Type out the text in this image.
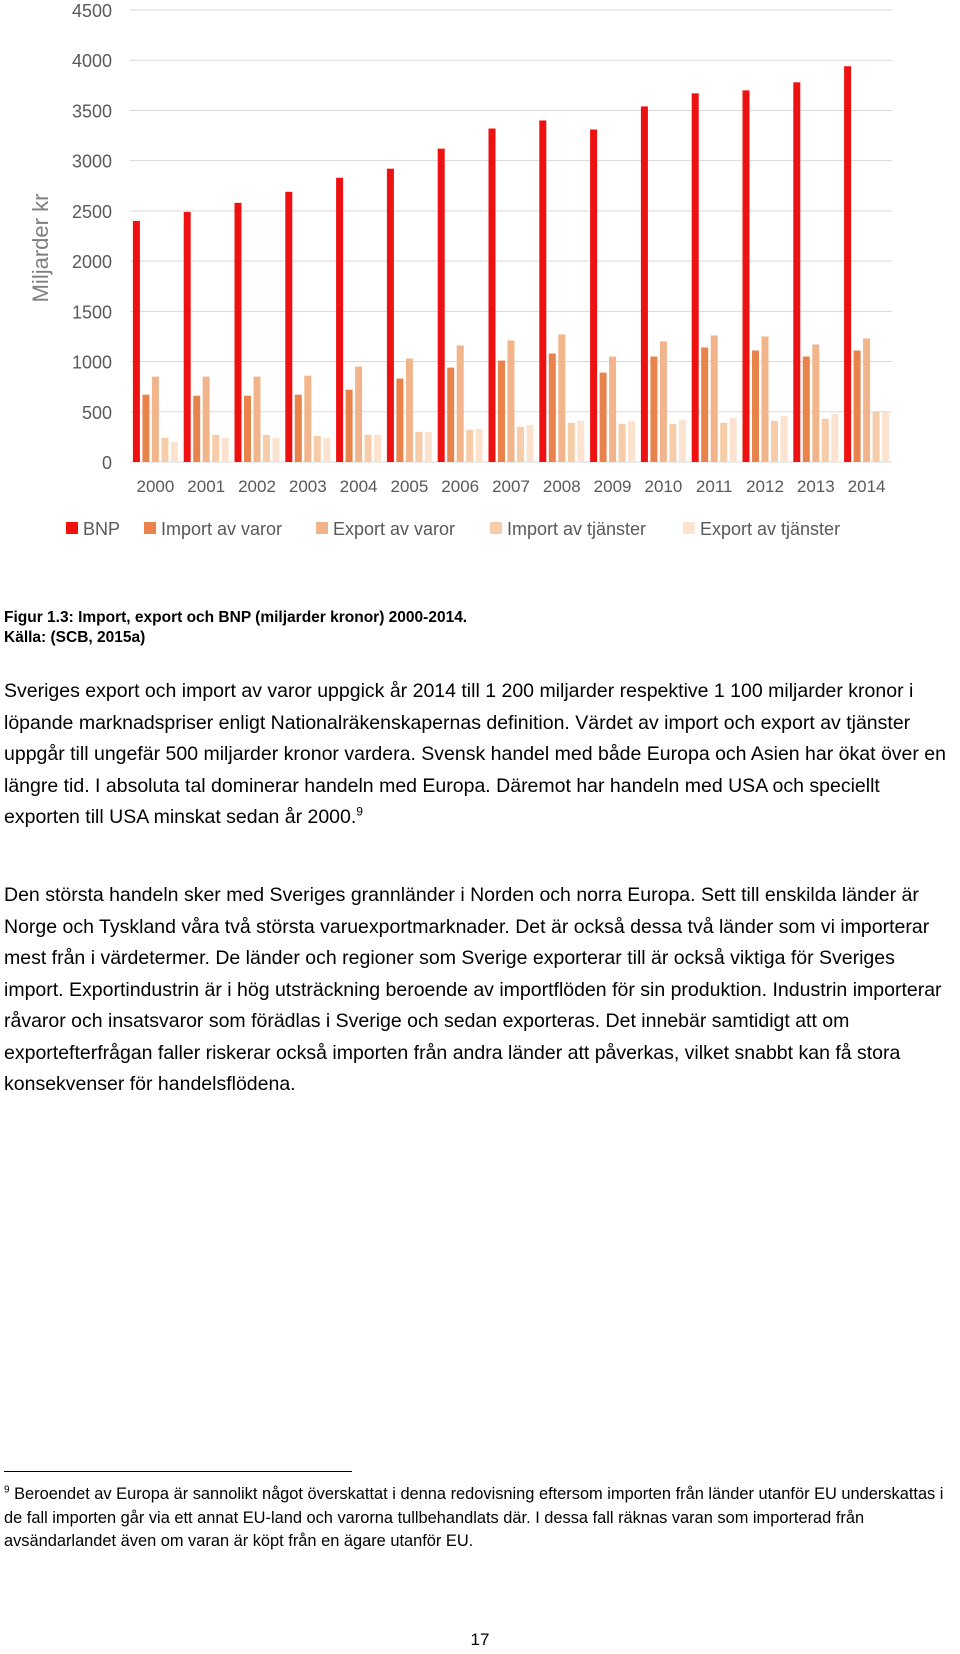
0
500
1000
1500
2000
2500
3000
3500
4000
4500
Miljarder kr
2000 2001 2002 2003 2004 2005 2006 2007 2008 2009 2010 2011 2012 2013 2014
BNP Import av varor	Export av varor	Import av tjänster	Export av tjänster

Figur 1.3: Import, export och BNP (miljarder kronor) 2000-2014.
Källa: (SCB, 2015a)

Sveriges export och import av varor uppgick år 2014 till 1 200 miljarder respektive 1 100 miljarder kronor i löpande marknadspriser enligt Nationalräkenskapernas definition. Värdet av import och export av tjänster uppgår till ungefär 500 miljarder kronor vardera. Svensk handel med både Europa och Asien har ökat över en längre tid. I absoluta tal dominerar handeln med Europa. Däremot har handeln med USA och speciellt exporten till USA minskat sedan år 2000.$^9$

Den största handeln sker med Sveriges grannländer i Norden och norra Europa. Sett till enskilda länder är Norge och Tyskland våra två största varuexportmarknader. Det är också dessa två länder som vi importerar mest från i värdetermer. De länder och regioner som Sverige exporterar till är också viktiga för Sveriges import. Exportindustrin är i hög utsträckning beroende av importflöden för sin produktion. Industrin importerar råvaror och insatsvaror som förädlas i Sverige och sedan exporteras. Det innebär samtidigt att om exportefterfrågan faller riskerar också importen från andra länder att påverkas, vilket snabbt kan få stora konsekvenser för handelsflödena.

$^9$ Beroendet av Europa är sannolikt något överskattat i denna redovisning eftersom importen från länder utanför EU underskattas i de fall importen går via ett annat EU-land och varorna tullbehandlats där. I dessa fall räknas varan som importerad från avsändarlandet även om varan är köpt från en ägare utanför EU.

17
